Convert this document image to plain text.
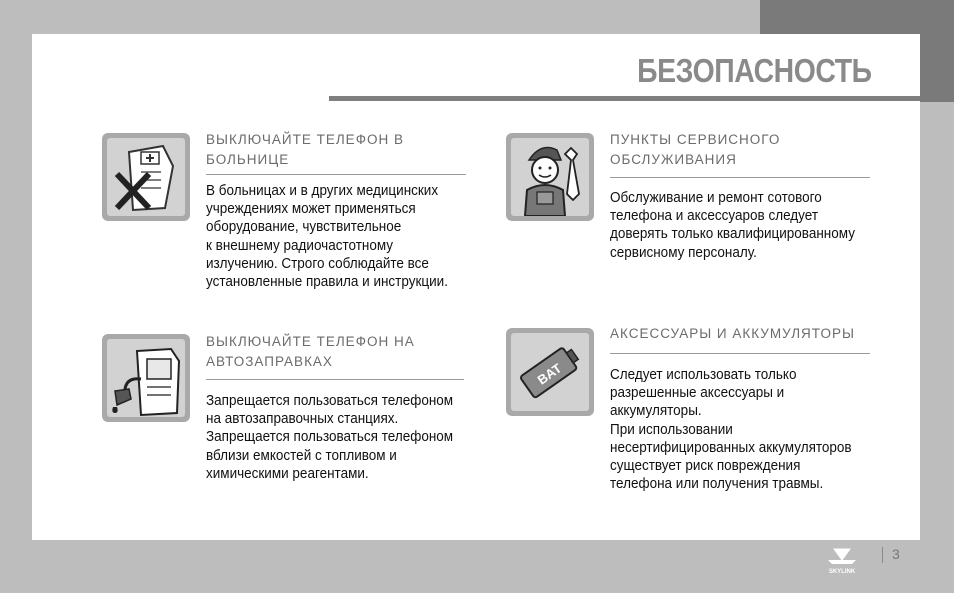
БЕЗОПАСНОСТЬ
ВЫКЛЮЧАЙТЕ ТЕЛЕФОН В
БОЛЬНИЦЕ
В больницах и в других медицинских
учреждениях может применяться
оборудование, чувствительное
к внешнему радиочастотному
излучению. Строго соблюдайте все
установленные правила и инструкции.
ПУНКТЫ СЕРВИСНОГО
ОБСЛУЖИВАНИЯ
Обслуживание и ремонт сотового
телефона и аксессуаров следует
доверять только квалифицированному
сервисному персоналу.
ВЫКЛЮЧАЙТЕ ТЕЛЕФОН НА
АВТОЗАПРАВКАХ
Запрещается пользоваться телефоном
на автозаправочных станциях.
Запрещается пользоваться телефоном
вблизи емкостей с топливом и
химическими реагентами.
BAT
АКСЕССУАРЫ И АККУМУЛЯТОРЫ
Следует использовать только
разрешенные аксессуары и
аккумуляторы.
При использовании
несертифицированных аккумуляторов
существует риск повреждения
телефона или получения травмы.
SKYLINK
3
